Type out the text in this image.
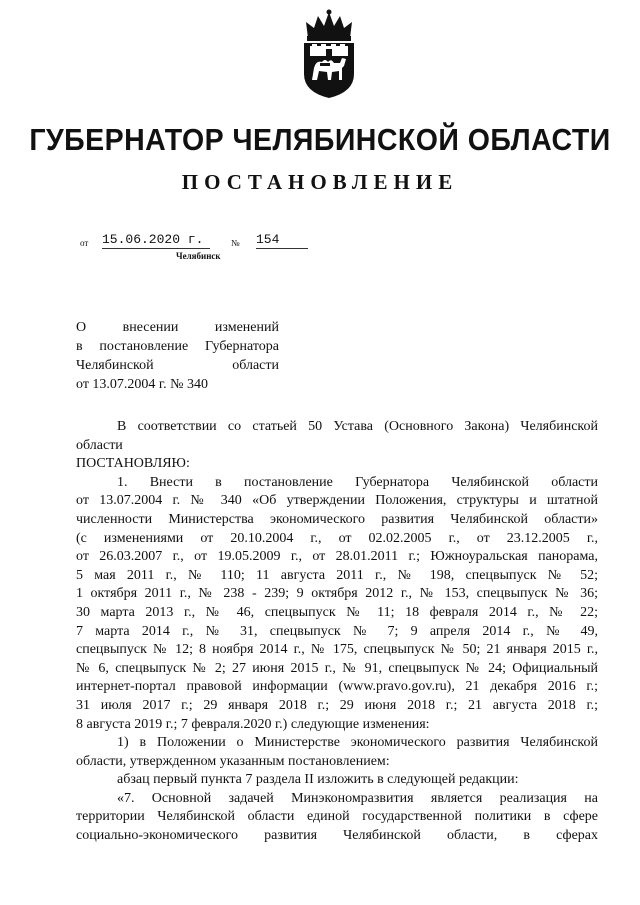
ГУБЕРНАТОР ЧЕЛЯБИНСКОЙ ОБЛАСТИ
ПОСТАНОВЛЕНИЕ
от 15.06.2020 г.	№ 154
Челябинск
О внесении изменений
в постановление Губернатора
Челябинской области
от 13.07.2004 г. № 340

В соответствии со статьей 50 Устава (Основного Закона) Челябинской

области

ПОСТАНОВЛЯЮ:

1. Внести в постановление Губернатора Челябинской области

от 13.07.2004 г. № 340 «Об утверждении Положения, структуры и штатной

численности Министерства экономического развития Челябинской области»

(с изменениями от 20.10.2004 г., от 02.02.2005 г., от 23.12.2005 г.,

от 26.03.2007 г., от 19.05.2009 г., от 28.01.2011 г.; Южноуральская панорама,

5 мая 2011 г., № 110; 11 августа 2011 г., № 198, спецвыпуск № 52;

1 октября 2011 г., № 238 - 239; 9 октября 2012 г., № 153, спецвыпуск № 36;

30 марта 2013 г., № 46, спецвыпуск № 11; 18 февраля 2014 г., № 22;

7 марта 2014 г., № 31, спецвыпуск № 7; 9 апреля 2014 г., № 49,

спецвыпуск № 12; 8 ноября 2014 г., № 175, спецвыпуск № 50; 21 января 2015 г.,

№ 6, спецвыпуск № 2; 27 июня 2015 г., № 91, спецвыпуск № 24; Официальный

интернет-портал правовой информации (www.pravo.gov.ru), 21 декабря 2016 г.;

31 июля 2017 г.; 29 января 2018 г.; 29 июня 2018 г.; 21 августа 2018 г.;

8 августа 2019 г.; 7 февраля.2020 г.) следующие изменения:

1) в Положении о Министерстве экономического развития Челябинской

области, утвержденном указанным постановлением:

абзац первый пункта 7 раздела II изложить в следующей редакции:

«7. Основной задачей Минэкономразвития является реализация на

территории Челябинской области единой государственной политики в сфере

социально-экономического развития Челябинской области, в сферах
